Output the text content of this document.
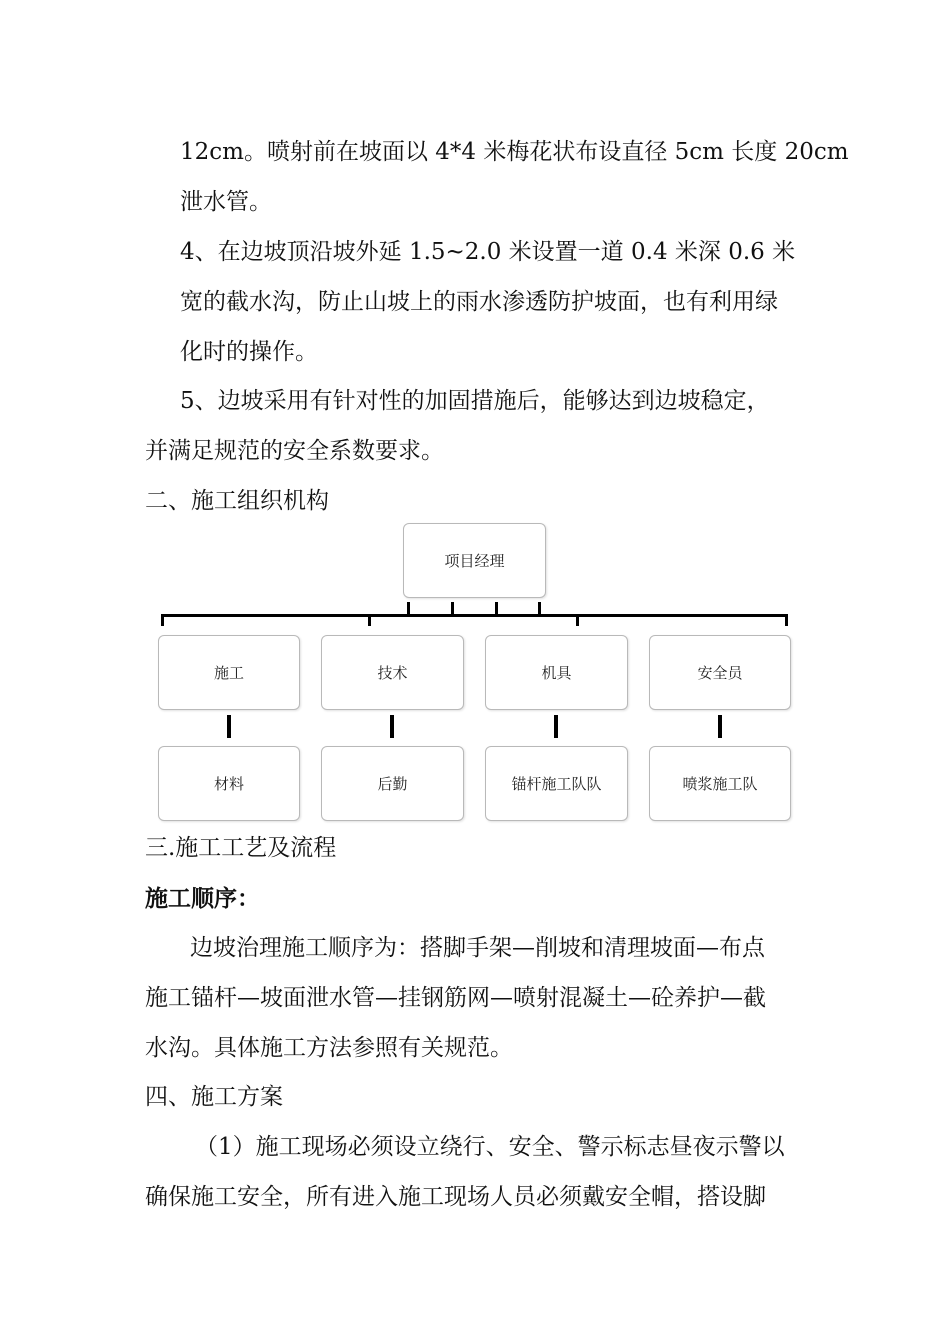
12cm。喷射前在坡面以 4*4 米梅花状布设直径 5cm 长度 20cm
泄水管。
4、在边坡顶沿坡外延 1.5~2.0 米设置一道 0.4 米深 0.6 米
宽的截水沟，防止山坡上的雨水渗透防护坡面，也有利用绿
化时的操作。
5、边坡采用有针对性的加固措施后，能够达到边坡稳定，
并满足规范的安全系数要求。
二、施工组织机构
项目经理
施工	技术	机具	安全员
材料	后勤	锚杆施工队队	喷浆施工队
三.施工工艺及流程
施工顺序：
边坡治理施工顺序为：搭脚手架—削坡和清理坡面—布点
施工锚杆—坡面泄水管—挂钢筋网—喷射混凝土—砼养护—截
水沟。具体施工方法参照有关规范。
四、施工方案
（1）施工现场必须设立绕行、安全、警示标志昼夜示警以
确保施工安全，所有进入施工现场人员必须戴安全帽，搭设脚
